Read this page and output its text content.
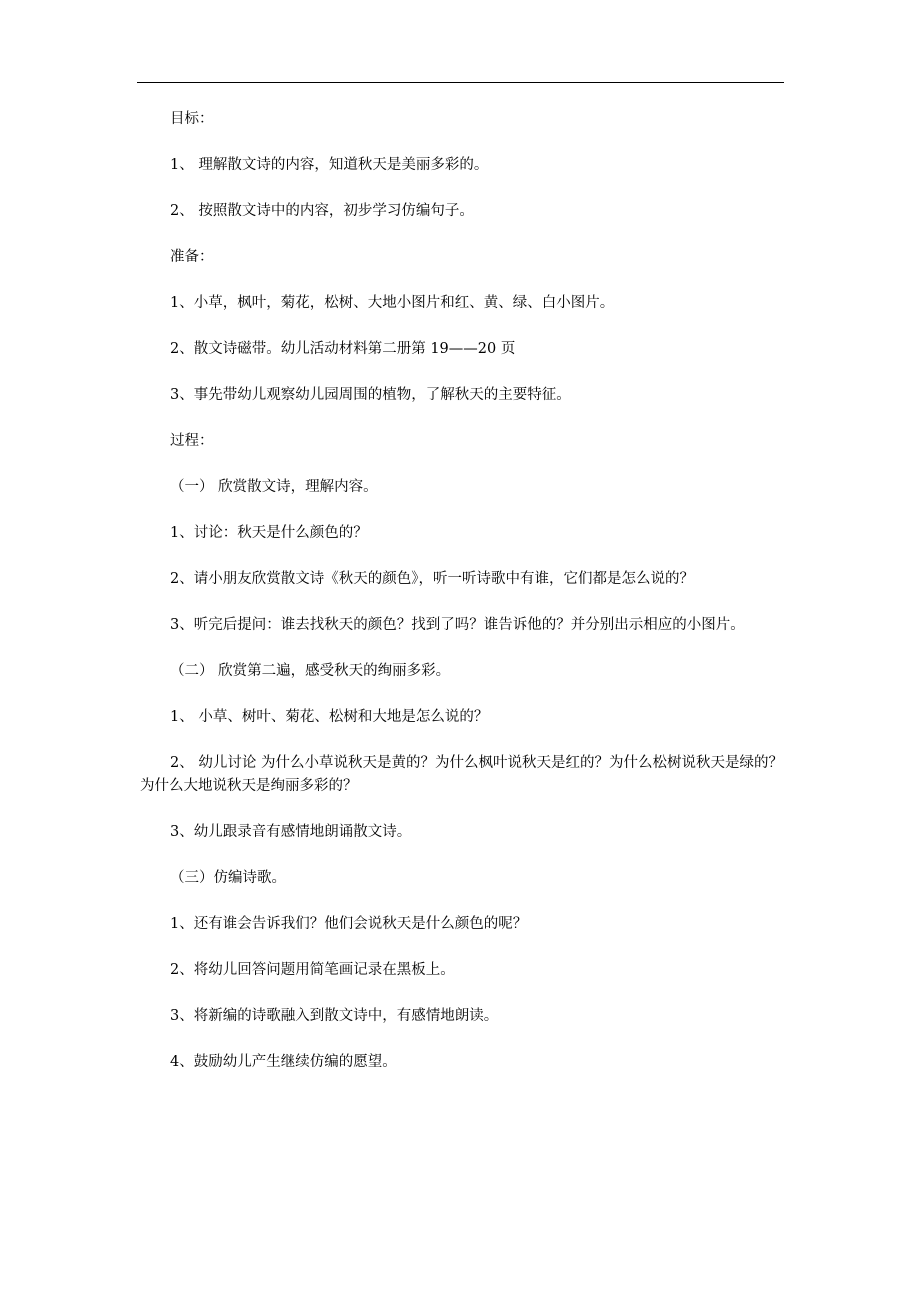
目标：

1、 理解散文诗的内容，知道秋天是美丽多彩的。

2、 按照散文诗中的内容，初步学习仿编句子。

准备：

1、小草，枫叶，菊花，松树、大地小图片和红、黄、绿、白小图片。

2、散文诗磁带。幼儿活动材料第二册第 19——20 页

3、事先带幼儿观察幼儿园周围的植物，了解秋天的主要特征。

过程：

（一） 欣赏散文诗，理解内容。

1、讨论：秋天是什么颜色的？

2、请小朋友欣赏散文诗《秋天的颜色》，听一听诗歌中有谁，它们都是怎么说的？

3、听完后提问：谁去找秋天的颜色？找到了吗？谁告诉他的？并分别出示相应的小图片。

（二） 欣赏第二遍，感受秋天的绚丽多彩。

1、 小草、树叶、菊花、松树和大地是怎么说的？

2、 幼儿讨论 为什么小草说秋天是黄的？为什么枫叶说秋天是红的？为什么松树说秋天是绿的？为什么大地说秋天是绚丽多彩的？

3、幼儿跟录音有感情地朗诵散文诗。

（三）仿编诗歌。

1、还有谁会告诉我们？他们会说秋天是什么颜色的呢？

2、将幼儿回答问题用简笔画记录在黑板上。

3、将新编的诗歌融入到散文诗中，有感情地朗读。

4、鼓励幼儿产生继续仿编的愿望。
